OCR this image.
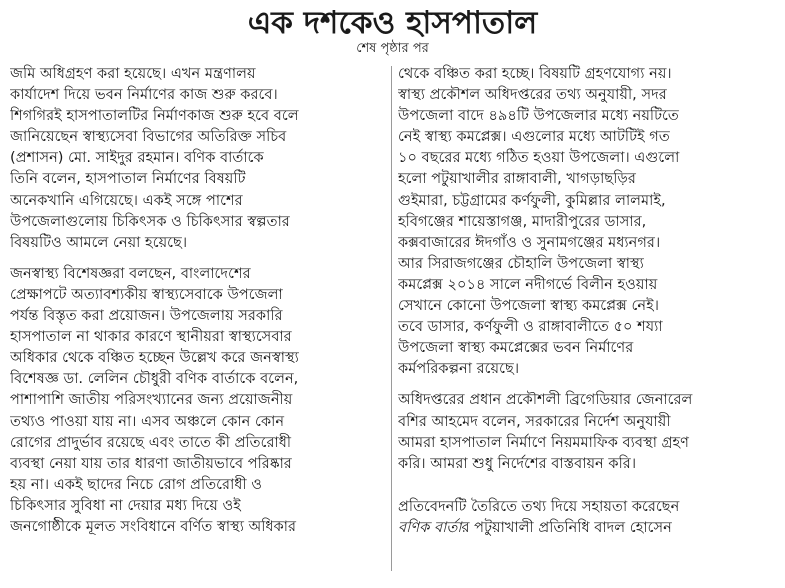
এক দশকেও হাসপাতাল
শেষ পৃষ্ঠার পর
জমি অধিগ্রহণ করা হয়েছে। এখন মন্ত্রণালয়
কার্যাদেশ দিয়ে ভবন নির্মাণের কাজ শুরু করবে।
শিগগিরই হাসপাতালটির নির্মাণকাজ শুরু হবে বলে
জানিয়েছেন স্বাস্থ্যসেবা বিভাগের অতিরিক্ত সচিব
(প্রশাসন) মো. সাইদুর রহমান। বণিক বার্তাকে
তিনি বলেন, হাসপাতাল নির্মাণের বিষয়টি
অনেকখানি এগিয়েছে। একই সঙ্গে পাশের
উপজেলাগুলোয় চিকিৎসক ও চিকিৎসার স্বল্পতার
বিষয়টিও আমলে নেয়া হয়েছে।
জনস্বাস্থ্য বিশেষজ্ঞরা বলছেন, বাংলাদেশের
প্রেক্ষাপটে অত্যাবশ্যকীয় স্বাস্থ্যসেবাকে উপজেলা
পর্যন্ত বিস্তৃত করা প্রয়োজন। উপজেলায় সরকারি
হাসপাতাল না থাকার কারণে স্থানীয়রা স্বাস্থ্যসেবার
অধিকার থেকে বঞ্চিত হচ্ছেন উল্লেখ করে জনস্বাস্থ্য
বিশেষজ্ঞ ডা. লেলিন চৌধুরী বণিক বার্তাকে বলেন,
পাশাপাশি জাতীয় পরিসংখ্যানের জন্য প্রয়োজনীয়
তথ্যও পাওয়া যায় না। এসব অঞ্চলে কোন কোন
রোগের প্রাদুর্ভাব রয়েছে এবং তাতে কী প্রতিরোধী
ব্যবস্থা নেয়া যায় তার ধারণা জাতীয়ভাবে পরিষ্কার
হয় না। একই ছাদের নিচে রোগ প্রতিরোধী ও
চিকিৎসার সুবিধা না দেয়ার মধ্য দিয়ে ওই
জনগোষ্ঠীকে মূলত সংবিধানে বর্ণিত স্বাস্থ্য অধিকার
থেকে বঞ্চিত করা হচ্ছে। বিষয়টি গ্রহণযোগ্য নয়।
স্বাস্থ্য প্রকৌশল অধিদপ্তরের তথ্য অনুযায়ী, সদর
উপজেলা বাদে ৪৯৪টি উপজেলার মধ্যে নয়টিতে
নেই স্বাস্থ্য কমপ্লেক্স। এগুলোর মধ্যে আটটিই গত
১০ বছরের মধ্যে গঠিত হওয়া উপজেলা। এগুলো
হলো পটুয়াখালীর রাঙ্গাবালী, খাগড়াছড়ির
গুইমারা, চট্টগ্রামের কর্ণফুলী, কুমিল্লার লালমাই,
হবিগঞ্জের শায়েস্তাগঞ্জ, মাদারীপুরের ডাসার,
কক্সবাজারের ঈদগাঁও ও সুনামগঞ্জের মধ্যনগর।
আর সিরাজগঞ্জের চৌহালি উপজেলা স্বাস্থ্য
কমপ্লেক্স ২০১৪ সালে নদীগর্ভে বিলীন হওয়ায়
সেখানে কোনো উপজেলা স্বাস্থ্য কমপ্লেক্স নেই।
তবে ডাসার, কর্ণফুলী ও রাঙ্গাবালীতে ৫০ শয্যা
উপজেলা স্বাস্থ্য কমপ্লেক্সের ভবন নির্মাণের
কর্মপরিকল্পনা রয়েছে।
অধিদপ্তরের প্রধান প্রকৌশলী ব্রিগেডিয়ার জেনারেল
বশির আহমেদ বলেন, সরকারের নির্দেশ অনুযায়ী
আমরা হাসপাতাল নির্মাণে নিয়মমাফিক ব্যবস্থা গ্রহণ
করি। আমরা শুধু নির্দেশের বাস্তবায়ন করি।
প্রতিবেদনটি তৈরিতে তথ্য দিয়ে সহায়তা করেছেন
বণিক বার্তার পটুয়াখালী প্রতিনিধি বাদল হোসেন
